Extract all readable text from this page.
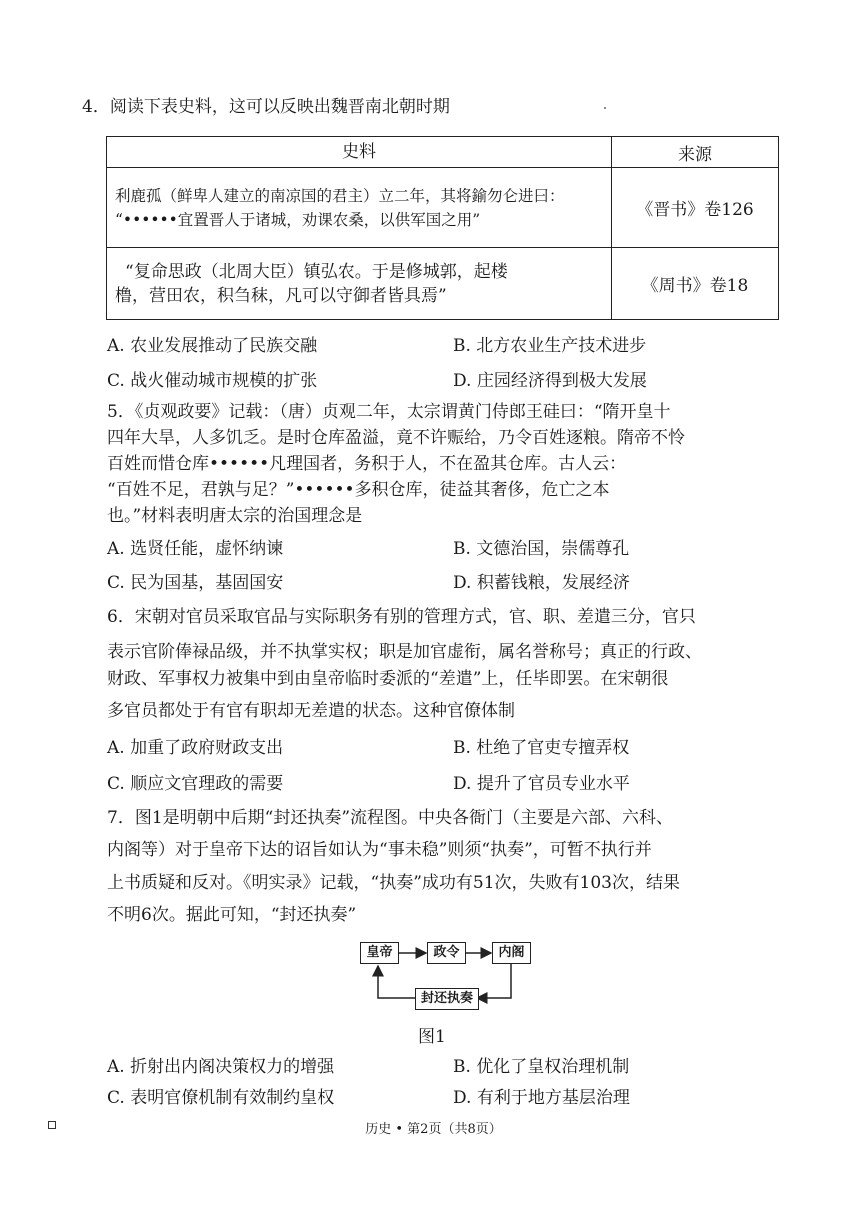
4．阅读下表史料，这可以反映出魏晋南北朝时期
史料	来源

利鹿孤（鲜卑人建立的南凉国的君主）立二年，其将鍮勿仑进曰：
“••••••宜置晋人于诸城，劝课农桑，以供军国之用”	《晋书》卷126

“复命思政（北周大臣）镇弘农。于是修城郭，起楼
橹，营田农，积刍秣，凡可以守御者皆具焉”	《周书》卷18
A. 农业发展推动了民族交融	B. 北方农业生产技术进步
C. 战火催动城市规模的扩张	D. 庄园经济得到极大发展
5．《贞观政要》记载：（唐）贞观二年，太宗谓黄门侍郎王硅曰：“隋开皇十
四年大旱，人多饥乏。是时仓库盈溢，竟不许赈给，乃令百姓逐粮。隋帝不怜
百姓而惜仓库••••••凡理国者，务积于人，不在盈其仓库。古人云：
“百姓不足，君孰与足？”••••••多积仓库，徒益其奢侈，危亡之本
也。”材料表明唐太宗的治国理念是
A. 选贤任能，虚怀纳谏	B. 文德治国，崇儒尊孔
C. 民为国基，基固国安	D. 积蓄钱粮，发展经济
6．宋朝对官员采取官品与实际职务有别的管理方式，官、职、差遣三分，官只
表示官阶俸禄品级，并不执掌实权；职是加官虚衔，属名誉称号；真正的行政、
财政、军事权力被集中到由皇帝临时委派的“差遣”上，任毕即罢。在宋朝很
多官员都处于有官有职却无差遣的状态。这种官僚体制
A. 加重了政府财政支出	B. 杜绝了官吏专擅弄权
C. 顺应文官理政的需要	D. 提升了官员专业水平
7．图1是明朝中后期“封还执奏”流程图。中央各衙门（主要是六部、六科、
内阁等）对于皇帝下达的诏旨如认为“事未稳”则须“执奏”，可暂不执行并
上书质疑和反对。《明实录》记载，“执奏”成功有51次，失败有103次，结果
不明6次。据此可知，“封还执奏”
皇帝	政令	内阁
封还执奏
图1
A. 折射出内阁决策权力的增强	B. 优化了皇权治理机制
C. 表明官僚机制有效制约皇权	D. 有利于地方基层治理
历史 • 第2页（共8页）
